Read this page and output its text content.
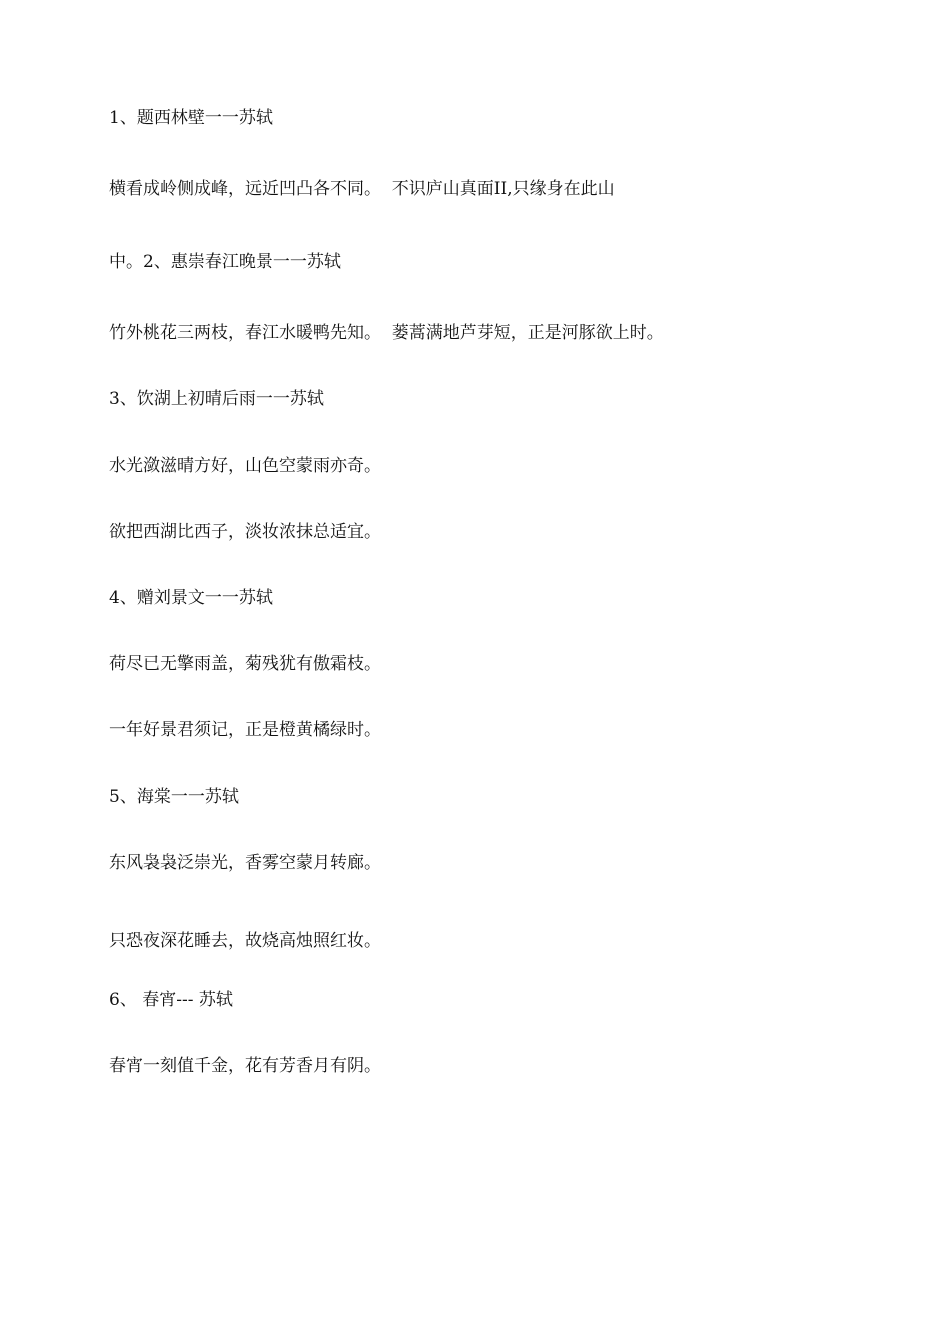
1、题西林壁一一苏轼
横看成岭侧成峰，远近凹凸各不同。  不识庐山真面II,只缘身在此山
中。2、惠崇春江晚景一一苏轼
竹外桃花三两枝，春江水暖鸭先知。  蒌蒿满地芦芽短，正是河豚欲上时。
3、饮湖上初晴后雨一一苏轼
水光潋滋晴方好，山色空蒙雨亦奇。
欲把西湖比西子，淡妆浓抹总适宜。
4、赠刘景文一一苏轼
荷尽已无擎雨盖，菊残犹有傲霜枝。
一年好景君须记，正是橙黄橘绿时。
5、海棠一一苏轼
东风袅袅泛崇光，香雾空蒙月转廊。
只恐夜深花睡去，故烧高烛照红妆。
6、 春宵--- 苏轼
春宵一刻值千金，花有芳香月有阴。
